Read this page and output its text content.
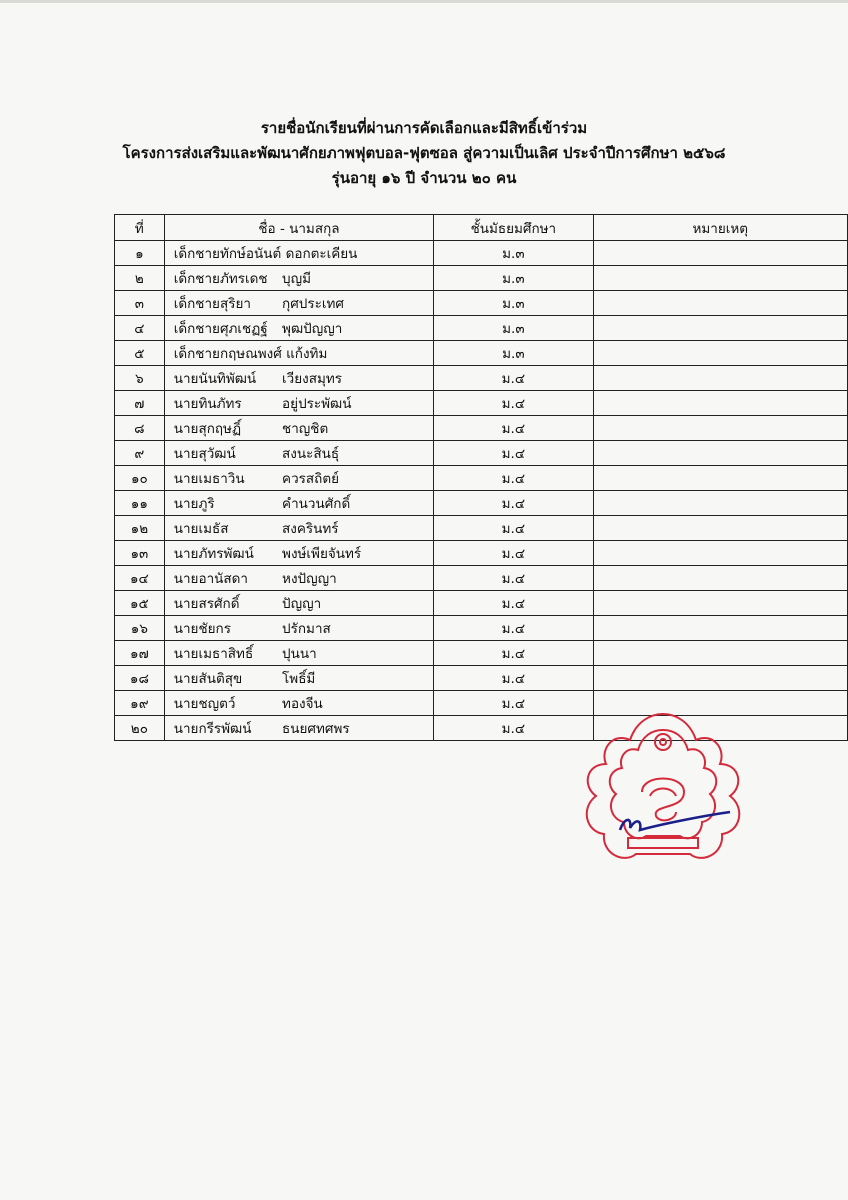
รายชื่อนักเรียนที่ผ่านการคัดเลือกและมีสิทธิ์เข้าร่วม
โครงการส่งเสริมและพัฒนาศักยภาพฟุตบอล-ฟุตซอล สู่ความเป็นเลิศ ประจำปีการศึกษา ๒๕๖๘
รุ่นอายุ ๑๖ ปี จำนวน ๒๐ คน
ที่	ชื่อ - นามสกุล	ชั้นมัธยมศึกษา	หมายเหตุ
๑	เด็กชายทักษ์อนันต์ ดอกตะเคียน	ม.๓	
๒	เด็กชายภัทรเดช บุญมี	ม.๓	
๓	เด็กชายสุริยา กุศประเทศ	ม.๓	
๔	เด็กชายศุภเชฏฐ์ พุฒปัญญา	ม.๓	
๕	เด็กชายกฤษณพงศ์ แก้งทิม	ม.๓	
๖	นายนันทิพัฒน์ เวียงสมุทร	ม.๔	
๗	นายทินภัทร อยู่ประพัฒน์	ม.๔	
๘	นายสุกฤษฏิ์ ชาญชิต	ม.๔	
๙	นายสุวัฒน์ สงนะสินธุ์	ม.๔	
๑๐	นายเมธาวิน ควรสถิตย์	ม.๔	
๑๑	นายภูริ คำนวนศักดิ์	ม.๔	
๑๒	นายเมธัส สงครินทร์	ม.๔	
๑๓	นายภัทรพัฒน์ พงษ์เพียจันทร์	ม.๔	
๑๔	นายอานัสดา หงปัญญา	ม.๔	
๑๕	นายสรศักดิ์ ปัญญา	ม.๔	
๑๖	นายชัยกร ปรักมาส	ม.๔	
๑๗	นายเมธาสิทธิ์ ปุนนา	ม.๔	
๑๘	นายสันติสุข โพธิ์มี	ม.๔	
๑๙	นายชญตว์ ทองจีน	ม.๔	
๒๐	นายกรีรพัฒน์ ธนยศทศพร	ม.๔	
